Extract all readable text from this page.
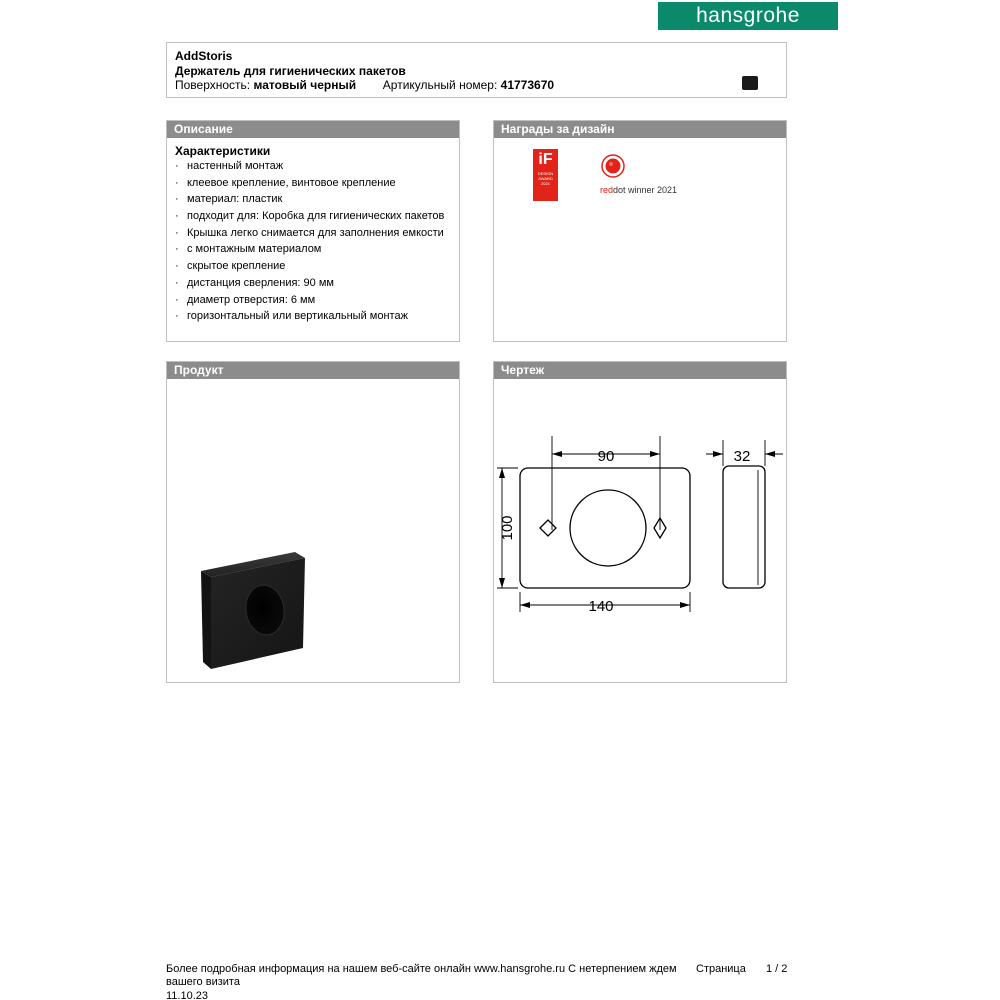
hansgrohe
AddStoris
Держатель для гигиенических пакетов
Поверхность: матовый черный Артикульный номер: 41773670
Описание
Характеристики
· настенный монтаж
· клеевое крепление, винтовое крепление
· материал: пластик
· подходит для: Коробка для гигиенических пакетов
· Крышка легко снимается для заполнения емкости
· с монтажным материалом
· скрытое крепление
· дистанция сверления: 90 мм
· диаметр отверстия: 6 мм
· горизонтальный или вертикальный монтаж
Награды за дизайн
iF
DESIGN
AWARD
2021
reddot winner 2021
Продукт	Чертеж
90	32
100
140
Более подробная информация на нашем веб-сайте онлайн www.hansgrohe.ru С нетерпением ждем
вашего визита
11.10.23
Страница 1 / 2
